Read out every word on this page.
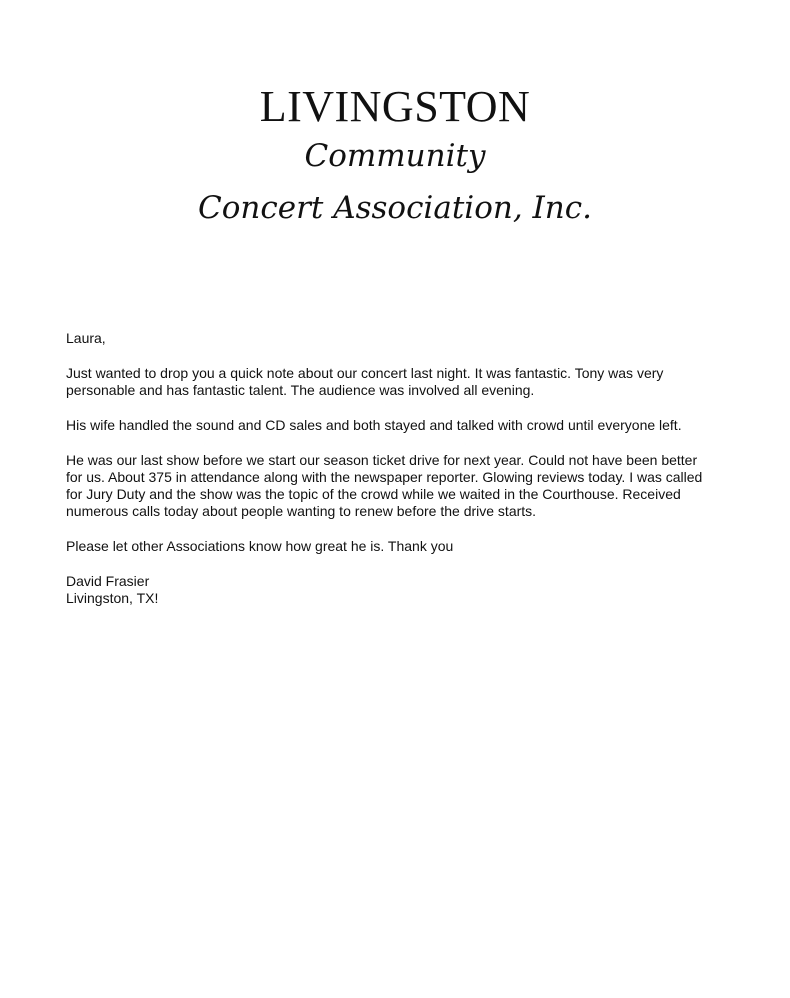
LIVINGSTON
Community
Concert Association, Inc.

Laura,

Just wanted to drop you a quick note about our concert last night. It was fantastic. Tony was very personable and has fantastic talent. The audience was involved all evening.

His wife handled the sound and CD sales and both stayed and talked with crowd until everyone left.

He was our last show before we start our season ticket drive for next year. Could not have been better for us. About 375 in attendance along with the newspaper reporter. Glowing reviews today. I was called for Jury Duty and the show was the topic of the crowd while we waited in the Courthouse. Received numerous calls today about people wanting to renew before the drive starts.

Please let other Associations know how great he is. Thank you

David Frasier
Livingston, TX!
